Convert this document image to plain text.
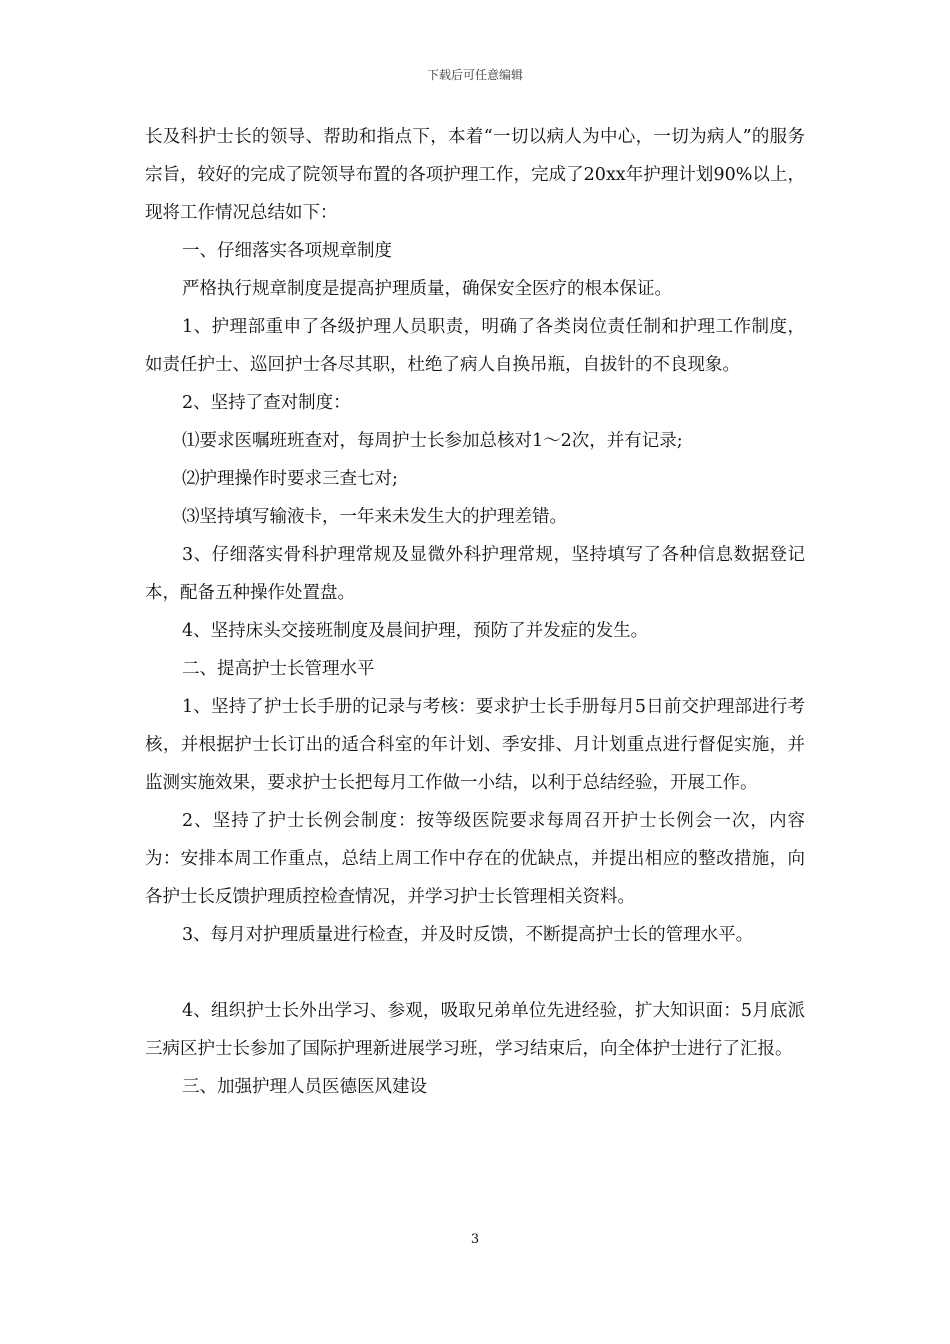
下载后可任意编辑

长及科护士长的领导、帮助和指点下，本着“一切以病人为中心，一切为病人”的服务宗旨，较好的完成了院领导布置的各项护理工作，完成了20xx年护理计划90%以上，现将工作情况总结如下：

一、仔细落实各项规章制度

严格执行规章制度是提高护理质量，确保安全医疗的根本保证。

1、护理部重申了各级护理人员职责，明确了各类岗位责任制和护理工作制度，如责任护士、巡回护士各尽其职，杜绝了病人自换吊瓶，自拔针的不良现象。

2、坚持了查对制度：

⑴要求医嘱班班查对，每周护士长参加总核对1～2次，并有记录;

⑵护理操作时要求三查七对;

⑶坚持填写输液卡，一年来未发生大的护理差错。

3、仔细落实骨科护理常规及显微外科护理常规，坚持填写了各种信息数据登记本，配备五种操作处置盘。

4、坚持床头交接班制度及晨间护理，预防了并发症的发生。

二、提高护士长管理水平

1、坚持了护士长手册的记录与考核：要求护士长手册每月5日前交护理部进行考核，并根据护士长订出的适合科室的年计划、季安排、月计划重点进行督促实施，并监测实施效果，要求护士长把每月工作做一小结，以利于总结经验，开展工作。

2、坚持了护士长例会制度：按等级医院要求每周召开护士长例会一次，内容为：安排本周工作重点，总结上周工作中存在的优缺点，并提出相应的整改措施，向各护士长反馈护理质控检查情况，并学习护士长管理相关资料。

3、每月对护理质量进行检查，并及时反馈，不断提高护士长的管理水平。

4、组织护士长外出学习、参观，吸取兄弟单位先进经验，扩大知识面：5月底派三病区护士长参加了国际护理新进展学习班，学习结束后，向全体护士进行了汇报。

三、加强护理人员医德医风建设

3
